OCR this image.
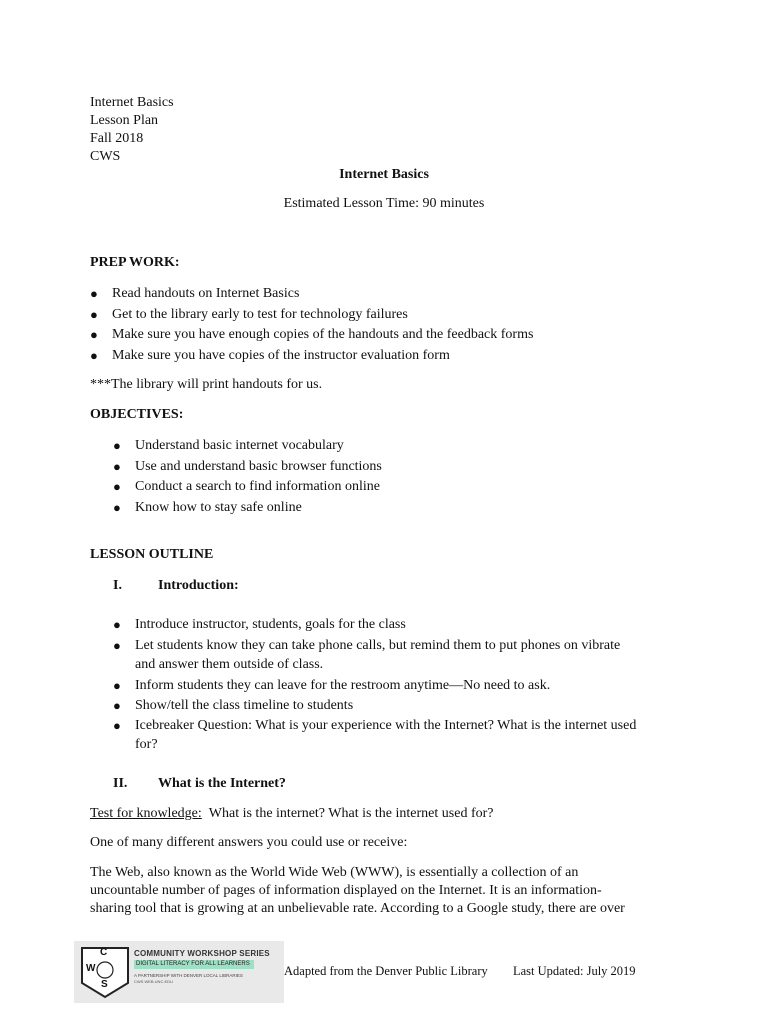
Internet Basics
Lesson Plan
Fall 2018
CWS
Internet Basics
Estimated Lesson Time: 90 minutes
PREP WORK:
● Read handouts on Internet Basics
● Get to the library early to test for technology failures
● Make sure you have enough copies of the handouts and the feedback forms
● Make sure you have copies of the instructor evaluation form
***The library will print handouts for us.
OBJECTIVES:
● Understand basic internet vocabulary
● Use and understand basic browser functions
● Conduct a search to find information online
● Know how to stay safe online
LESSON OUTLINE
I.	Introduction:
● Introduce instructor, students, goals for the class
● Let students know they can take phone calls, but remind them to put phones on vibrate
and answer them outside of class.
● Inform students they can leave for the restroom anytime—No need to ask.
● Show/tell the class timeline to students
● Icebreaker Question: What is your experience with the Internet? What is the internet used
for?
II. What is the Internet?
Test for knowledge: What is the internet? What is the internet used for?
One of many different answers you could use or receive:
The Web, also known as the World Wide Web (WWW), is essentially a collection of an
uncountable number of pages of information displayed on the Internet. It is an information-
sharing tool that is growing at an unbelievable rate. According to a Google study, there are over
C
W
S
COMMUNITY WORKSHOP SERIES
DIGITAL LITERACY FOR ALL LEARNERS
A PARTNERSHIP WITH DENVER LOCAL LIBRARIES
CWS.WEB.UNC.EDU
Adapted from the Denver Public Library Last Updated: July 2019
